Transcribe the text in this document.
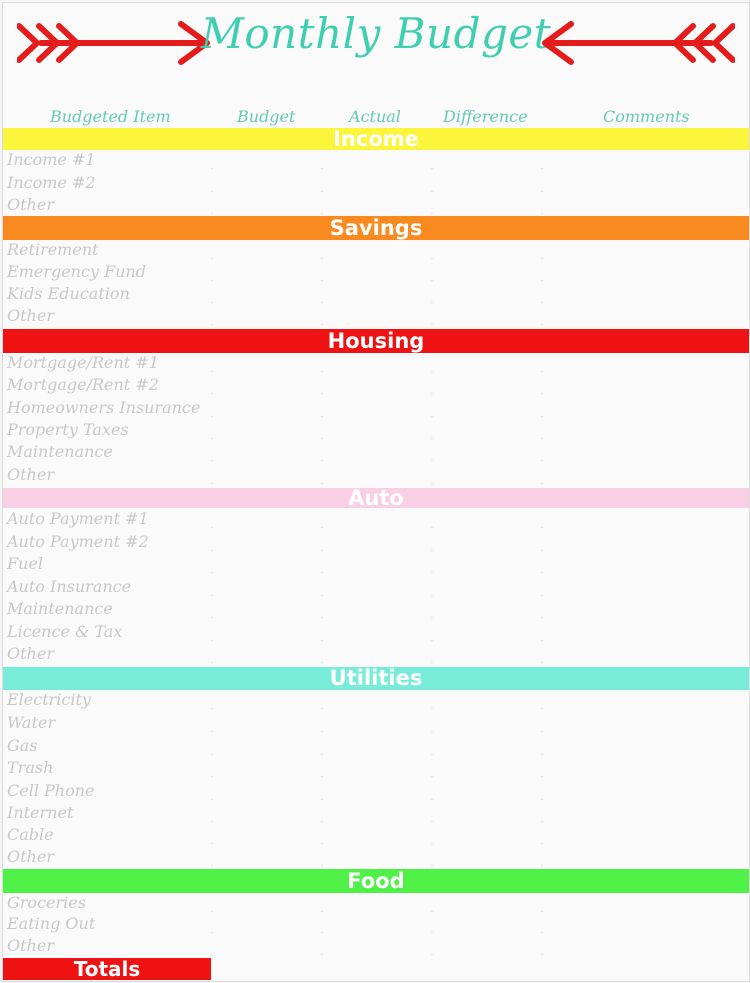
Monthly Budget
Budgeted Item	Budget	Actual	Difference	Comments
Income
Income #1
Income #2
Other
Savings
Retirement
Emergency Fund
Kids Education
Other
Housing
Mortgage/Rent #1
Mortgage/Rent #2
Homeowners Insurance
Property Taxes
Maintenance
Other
Auto
Auto Payment #1
Auto Payment #2
Fuel
Auto Insurance
Maintenance
Licence & Tax
Other
Utilities
Electricity
Water
Gas
Trash
Cell Phone
Internet
Cable
Other
Food
Groceries
Eating Out
Other
Totals
